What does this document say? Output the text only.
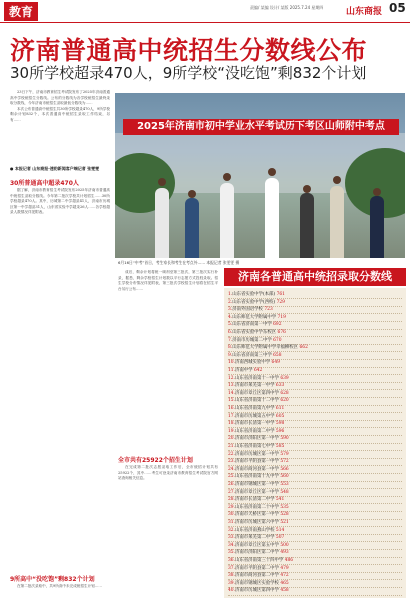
教育	责编/ 某编 设计/ 某版 2025.7.24 星期四	山东商报 05
济南普通高中统招生分数线公布
30所学校超录470人，9所学校“没吃饱”剩832个计划

23日下午，济南市教育招生考试院发布了2025年济南普通高中学校统招生分数线。公布的分数线为各学校统招生最终录取分数线，今年济南市统招生录取最低分数线为……

本次公布普通高中统招生共30所学校超录470人，9所学校剩余计划832个，本次普通高中统招生录取工作结束，另有……

● 本报记者 山东商报·速豹新闻客户端记者 张雯雯
30所普通高中超录470人

据了解，济南市教育招生考试院发布2025年济南市普通高中统招生录取分数线。今年第二批次学校共计划招生……30所学校超录470人。其中，历城第二中学超录41人，济南市历城区第一中学超录31人，山东省实验中学超录26人……各学校超录人数情况详见附表。

9所高中“没吃饱”剩832个计划

在第二批次录取中，共9所高中未完成统招生计划……

2025年济南市初中学业水平考试历下考区山师附中考点
6月16日“中考”首日，考生家长和考生在考点外…… 本报记者 张雯雯 摄

成后，剩余计划将统一调剂至第三批次，第三批次实行补录，据悉，剩余学校招生计划数以平行志愿方式投档录取。招生学校分布情况详见附表，第三批次学校招生计划将在招生平台另行公布……

全市共有25922个招生计划

在完成第二批次志愿录取工作后，全市统招计划共有25922个，其中……考生可登录济南市教育招生考试院官方网站查询相关信息。

济南各普通高中统招录取分数线
1.山东省实验中学(本部) 761
2.山东省实验中学(西校) 729
3.济南外国语学校 723
4.山东师范大学附属中学 719
5.山东省济南第一中学 692
6.山东省实验中学东校区 676
7.济南市历城第二中学 670
8.山东师范大学附属中学幸福柳校区 662
9.山东省济南第三中学 658
10.济南西城实验中学 649
11.济南中学 642
12.山东省济南第十一中学 639
13.济南市莱芜第一中学 633
14.济南市章丘区第四中学 628
15.山东省济南第十二中学 620
16.山东省济南第九中学 611
17.济南市历城第五中学 605
18.济南市长清第一中学 598
19.山东省济南第二中学 596
20.济南市济阳区第一中学 590
21.山东省济南第七中学 585
22.济南市历城区第一中学 579
23.济南市平阴县第一中学 572
24.济南市商河县第一中学 566
25.山东省济南第十九中学 560
26.济南市钢城区第一中学 553
27.济南市章丘区第一中学 548
28.济南市长清第二中学 541
29.山东省济南第二十中学 535
30.济南市天桥区第一中学 528
31.济南市历城区第六中学 521
32.山东省济南燕山学校 514
33.济南市莱芜第二中学 507
34.济南市章丘区第五中学 500
35.济南市济阳区第二中学 493
36.山东省济南第三十四中学 486
37.济南市平阴县第二中学 479
38.济南市商河县第二中学 472
39.济南市钢城区实验学校 465
40.济南市历城区第四中学 458
